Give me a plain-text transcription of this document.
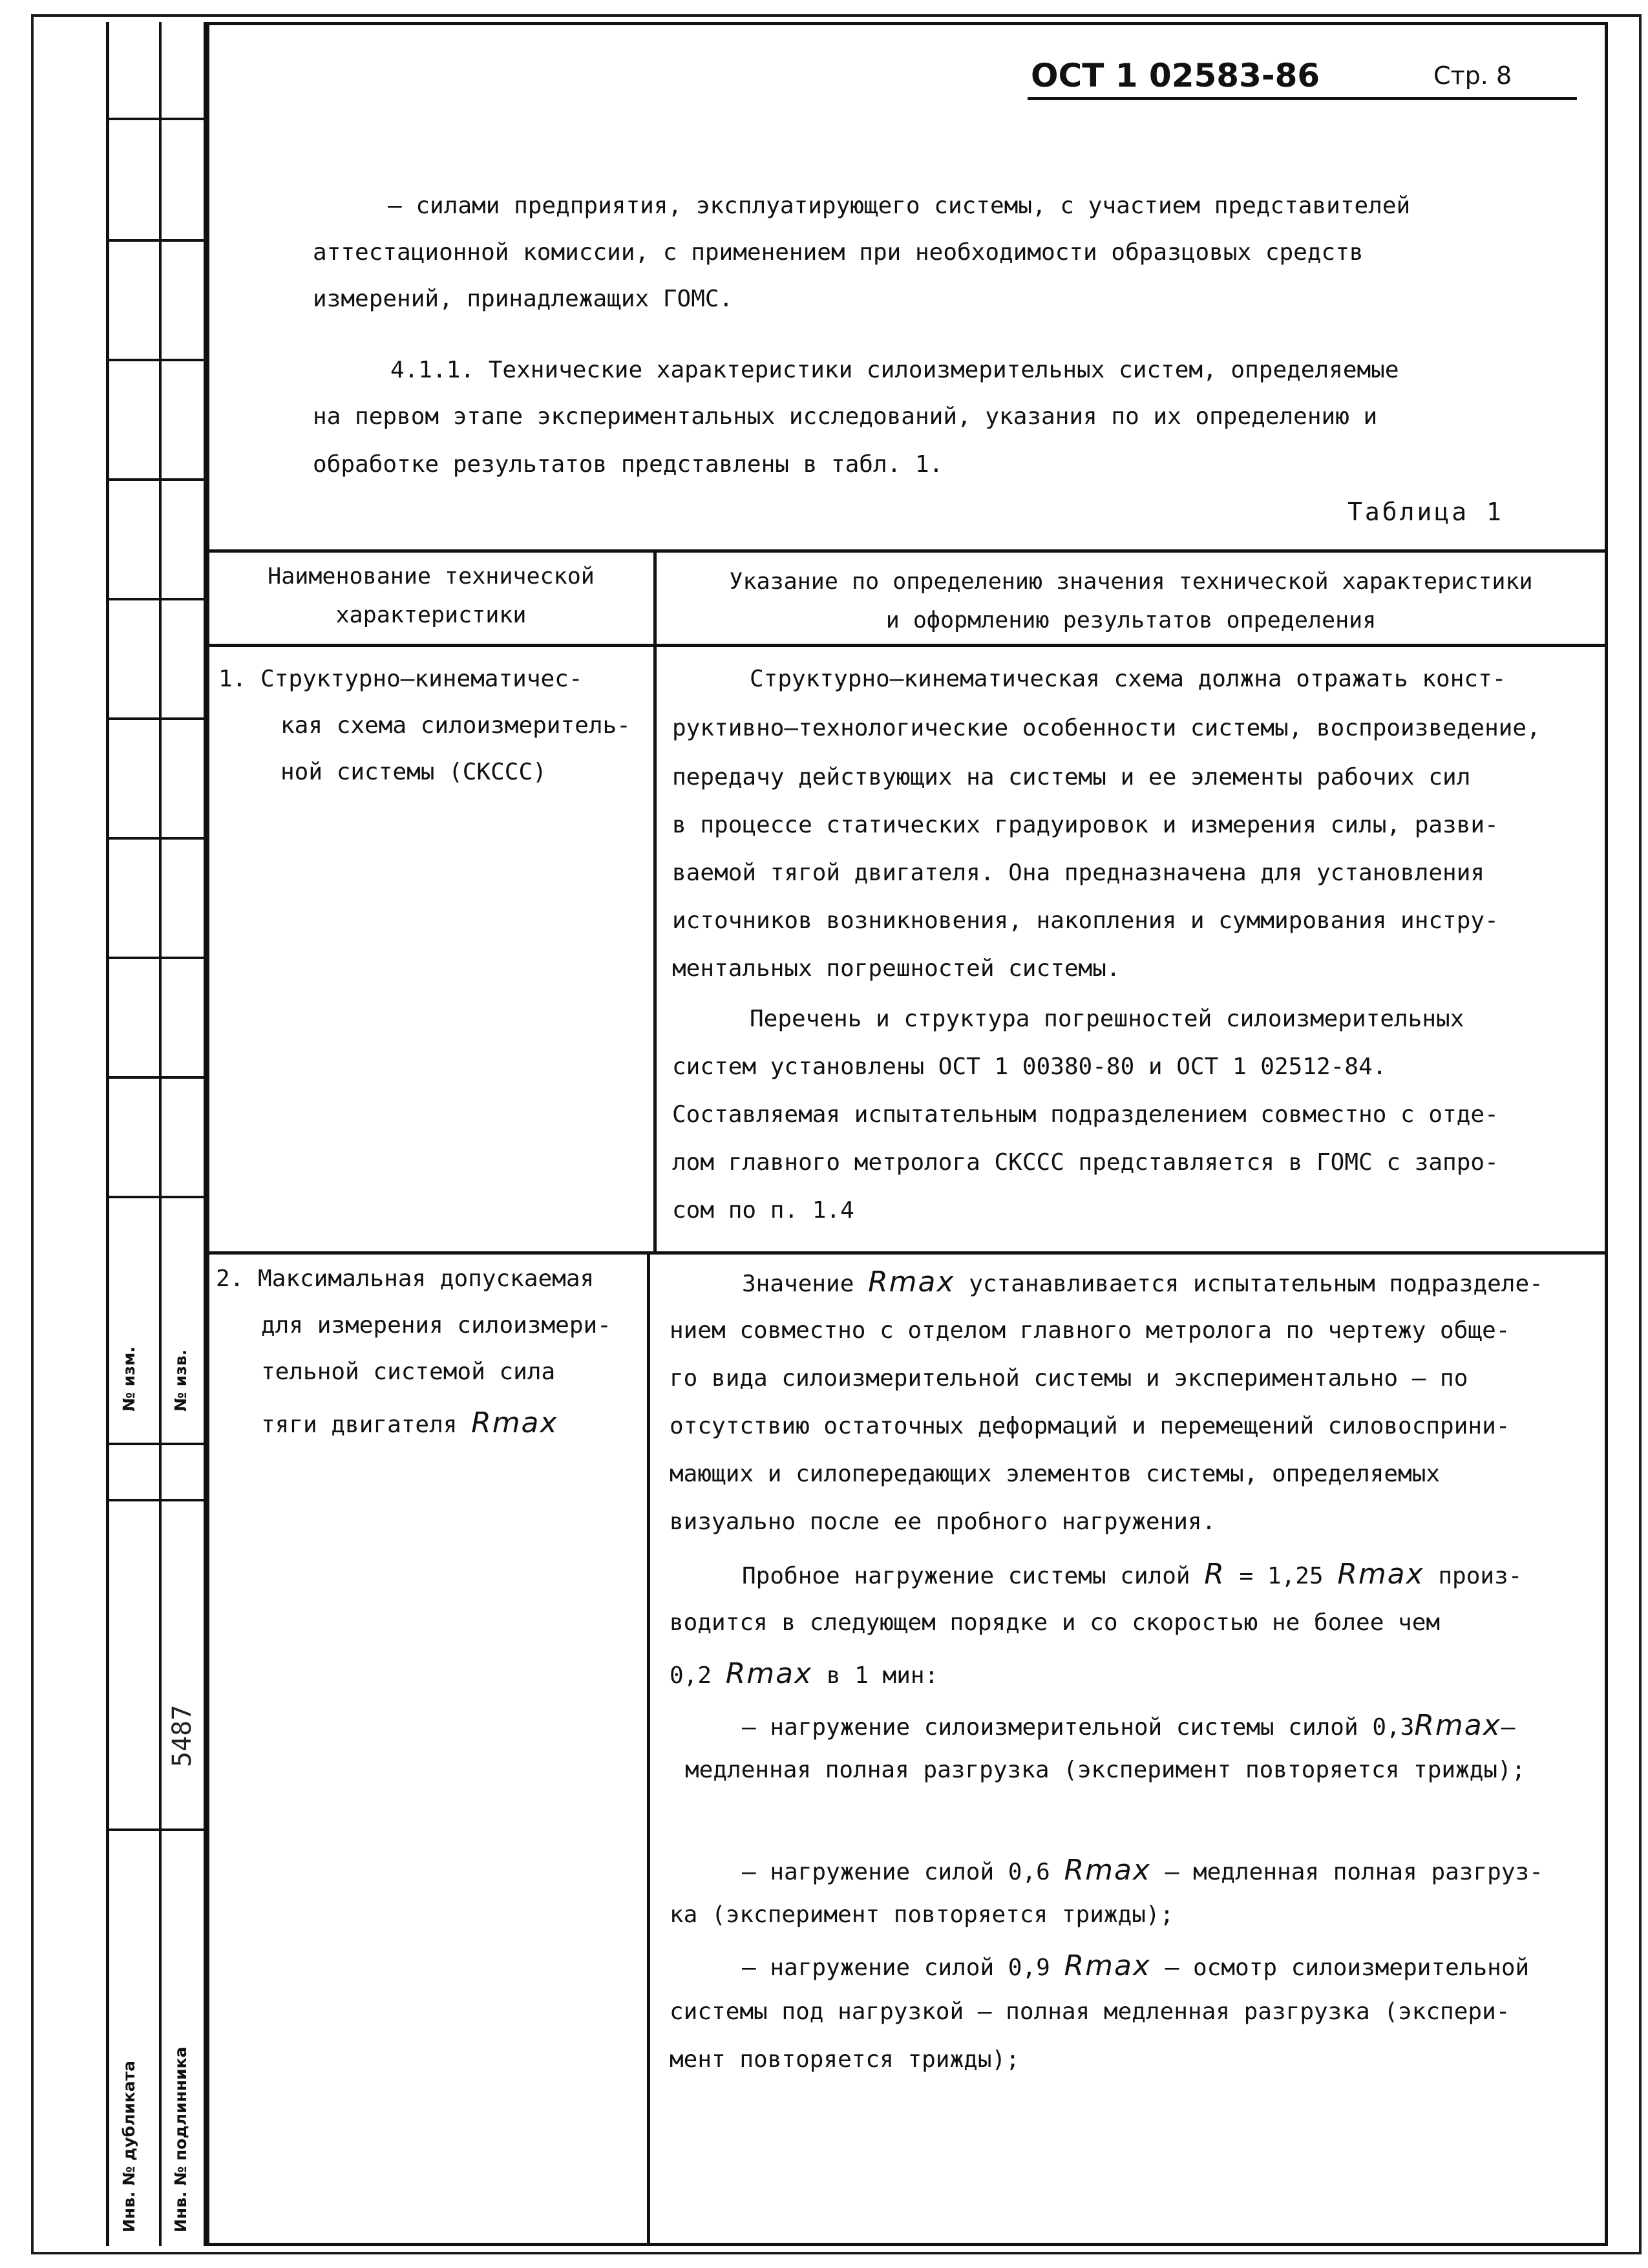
№ изм. № изв.
5487
Инв. № дубликата Инв. № подлинника
ОСТ 1 02583-86	Стр. 8
– силами предприятия, эксплуатирующего системы, с участием представителей
аттестационной комиссии, с применением при необходимости образцовых средств
измерений, принадлежащих ГОМС.
4.1.1. Технические характеристики силоизмерительных систем, определяемые
на первом этапе экспериментальных исследований, указания по их определению и
обработке результатов представлены в табл. 1.
Таблица 1
Наименование технической
характеристики
Указание по определению значения технической характеристики
и оформлению результатов определения
1. Структурно–кинематичес-
кая схема силоизмеритель-
ной системы (СКССС)
Структурно–кинематическая схема должна отражать конст-
руктивно–технологические особенности системы, воспроизведение,
передачу действующих на системы и ее элементы рабочих сил
в процессе статических градуировок и измерения силы, разви-
ваемой тягой двигателя. Она предназначена для установления
источников возникновения, накопления и суммирования инстру-
ментальных погрешностей системы.
Перечень и структура погрешностей силоизмерительных
систем установлены ОСТ 1 00380-80 и ОСТ 1 02512-84.
Составляемая испытательным подразделением совместно с отде-
лом главного метролога СКССС представляется в ГОМС с запро-
сом по п. 1.4
2. Максимальная допускаемая
для измерения силоизмери-
тельной системой сила
тяги двигателя Rmax
Значение Rmax устанавливается испытательным подразделе-
нием совместно с отделом главного метролога по чертежу обще-
го вида силоизмерительной системы и экспериментально – по
отсутствию остаточных деформаций и перемещений силовосприни-
мающих и силопередающих элементов системы, определяемых
визуально после ее пробного нагружения.
Пробное нагружение системы силой R = 1,25 Rmax произ-
водится в следующем порядке и со скоростью не более чем
0,2 Rmax в 1 мин:
– нагружение силоизмерительной системы силой 0,3Rmax–
медленная полная разгрузка (эксперимент повторяется трижды);
– нагружение силой 0,6 Rmax – медленная полная разгруз-
ка (эксперимент повторяется трижды);
– нагружение силой 0,9 Rmax – осмотр силоизмерительной
системы под нагрузкой – полная медленная разгрузка (экспери-
мент повторяется трижды);
